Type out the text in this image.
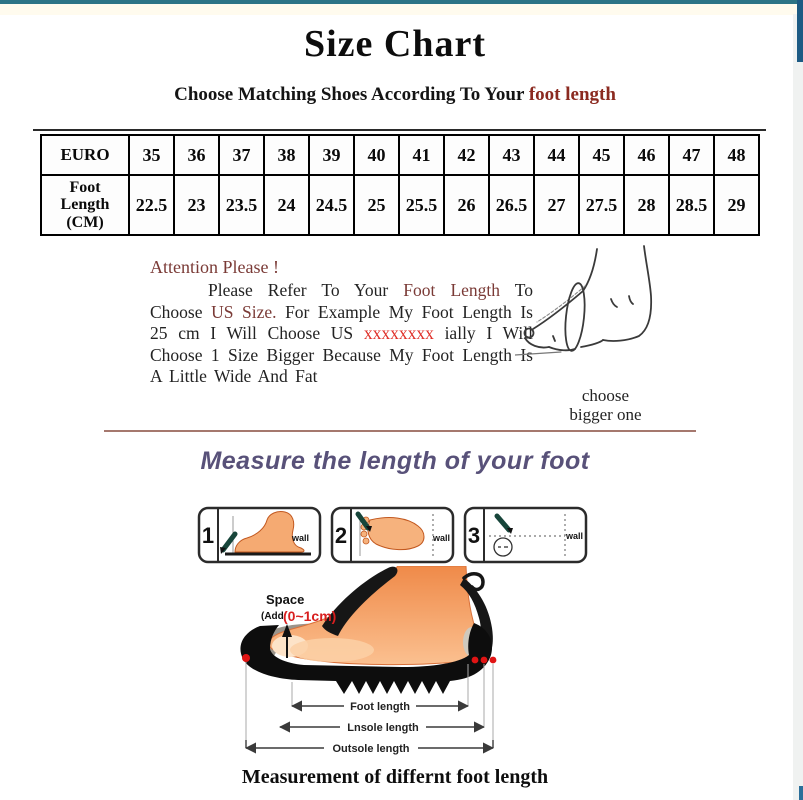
Size Chart
Choose Matching Shoes According To Your foot length
EURO	35	36	37	38	39	40	41	42	43	44	45	46	47	48
Foot Length (CM)	22.5	23	23.5	24	24.5	25	25.5	26	26.5	27	27.5	28	28.5	29
Attention Please !

Please Refer To Your Foot Length To Choose US Size. For Example My Foot Length Is 25 cm I Will Choose US xxxxxxxx ially I Will Choose 1 Size Bigger Because My Foot Length Is A Little Wide And Fat

choose
bigger one
Measure the length of your foot
1	wall 2	wall 3	wall
Space
(Add (0~1cm)
Foot length
Lnsole length
Outsole length
Measurement of differnt foot length
